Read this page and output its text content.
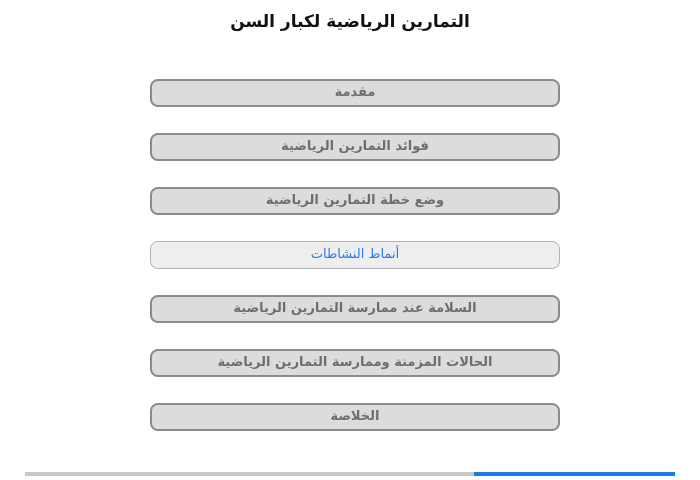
التمارين الرياضية لكبار السن
مقدمة
فوائد التمارين الرياضية
وضع خطة التمارين الرياضية
أنماط النشاطات
السلامة عند ممارسة التمارين الرياضية
الحالات المزمنة وممارسة التمارين الرياضية
الخلاصة
